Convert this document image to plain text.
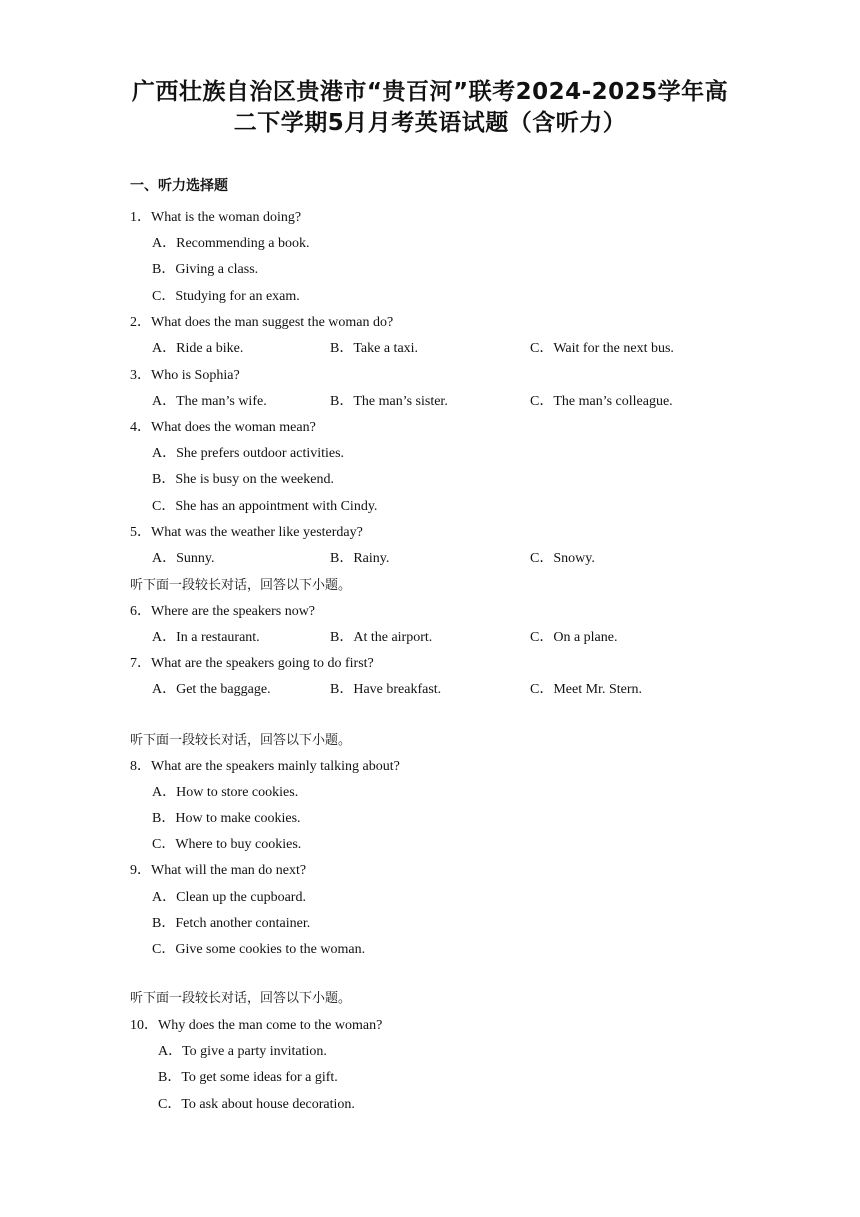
广西壮族自治区贵港市“贵百河”联考2024-2025学年高
二下学期5月月考英语试题（含听力）
一、听力选择题
1．What is the woman doing?
A．Recommending a book.
B．Giving a class.
C．Studying for an exam.
2．What does the man suggest the woman do?
A．Ride a bike.	B．Take a taxi.	C．Wait for the next bus.
3．Who is Sophia?
A．The man’s wife.	B．The man’s sister.	C．The man’s colleague.
4．What does the woman mean?
A．She prefers outdoor activities.
B．She is busy on the weekend.
C．She has an appointment with Cindy.
5．What was the weather like yesterday?
A．Sunny.	B．Rainy.	C．Snowy.
听下面一段较长对话，回答以下小题。
6．Where are the speakers now?
A．In a restaurant.	B．At the airport.	C．On a plane.
7．What are the speakers going to do first?
A．Get the baggage.	B．Have breakfast.	C．Meet Mr. Stern.
听下面一段较长对话，回答以下小题。
8．What are the speakers mainly talking about?
A．How to store cookies.
B．How to make cookies.
C．Where to buy cookies.
9．What will the man do next?
A．Clean up the cupboard.
B．Fetch another container.
C．Give some cookies to the woman.
听下面一段较长对话，回答以下小题。
10．Why does the man come to the woman?
A．To give a party invitation.
B．To get some ideas for a gift.
C．To ask about house decoration.
